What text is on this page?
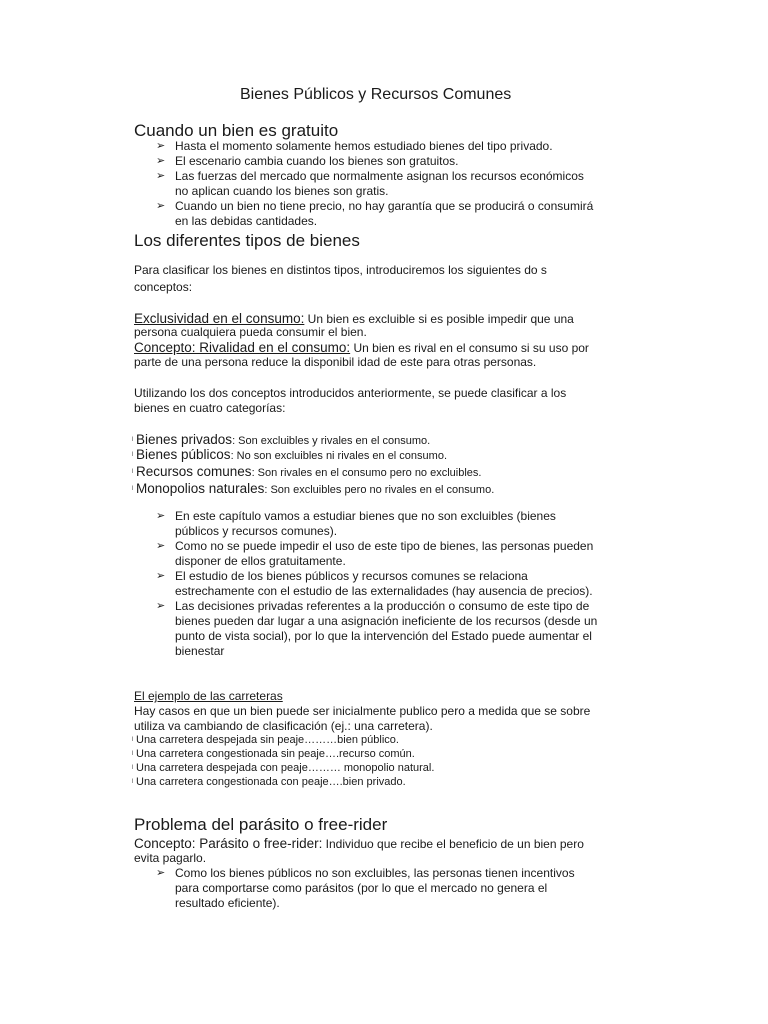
Bienes Públicos y Recursos Comunes
Cuando un bien es gratuito
➢ Hasta el momento solamente hemos estudiado bienes del tipo privado.
➢ El escenario cambia cuando los bienes son gratuitos.
➢ Las fuerzas del mercado que normalmente asignan los recursos económicos
no aplican cuando los bienes son gratis.
➢ Cuando un bien no tiene precio, no hay garantía que se producirá o consumirá
en las debidas cantidades.
Los diferentes tipos de bienes
Para clasificar los bienes en distintos tipos, introduciremos los siguientes do s
conceptos:
Exclusividad en el consumo: Un bien es excluible si es posible impedir que una
persona cualquiera pueda consumir el bien.
Concepto: Rivalidad en el consumo: Un bien es rival en el consumo si su uso por
parte de una persona reduce la disponibil idad de este para otras personas.
Utilizando los dos conceptos introducidos anteriormente, se puede clasificar a los
bienes en cuatro categorías:
l Bienes privados: Son excluibles y rivales en el consumo.
l Bienes públicos: No son excluibles ni rivales en el consumo.
l Recursos comunes: Son rivales en el consumo pero no excluibles.
l Monopolios naturales: Son excluibles pero no rivales en el consumo.
➢ En este capítulo vamos a estudiar bienes que no son excluibles (bienes
públicos y recursos comunes).
➢ Como no se puede impedir el uso de este tipo de bienes, las personas pueden
disponer de ellos gratuitamente.
➢ El estudio de los bienes públicos y recursos comunes se relaciona
estrechamente con el estudio de las externalidades (hay ausencia de precios).
➢ Las decisiones privadas referentes a la producción o consumo de este tipo de
bienes pueden dar lugar a una asignación ineficiente de los recursos (desde un
punto de vista social), por lo que la intervención del Estado puede aumentar el
bienestar
El ejemplo de las carreteras
Hay casos en que un bien puede ser inicialmente publico pero a medida que se sobre
utiliza va cambiando de clasificación (ej.: una carretera).
l Una carretera despejada sin peaje………bien público.
l Una carretera congestionada sin peaje….recurso común.
l Una carretera despejada con peaje……… monopolio natural.
l Una carretera congestionada con peaje….bien privado.
Problema del parásito o free-rider
Concepto: Parásito o free-rider: Individuo que recibe el beneficio de un bien pero
evita pagarlo.
➢ Como los bienes públicos no son excluibles, las personas tienen incentivos
para comportarse como parásitos (por lo que el mercado no genera el
resultado eficiente).
